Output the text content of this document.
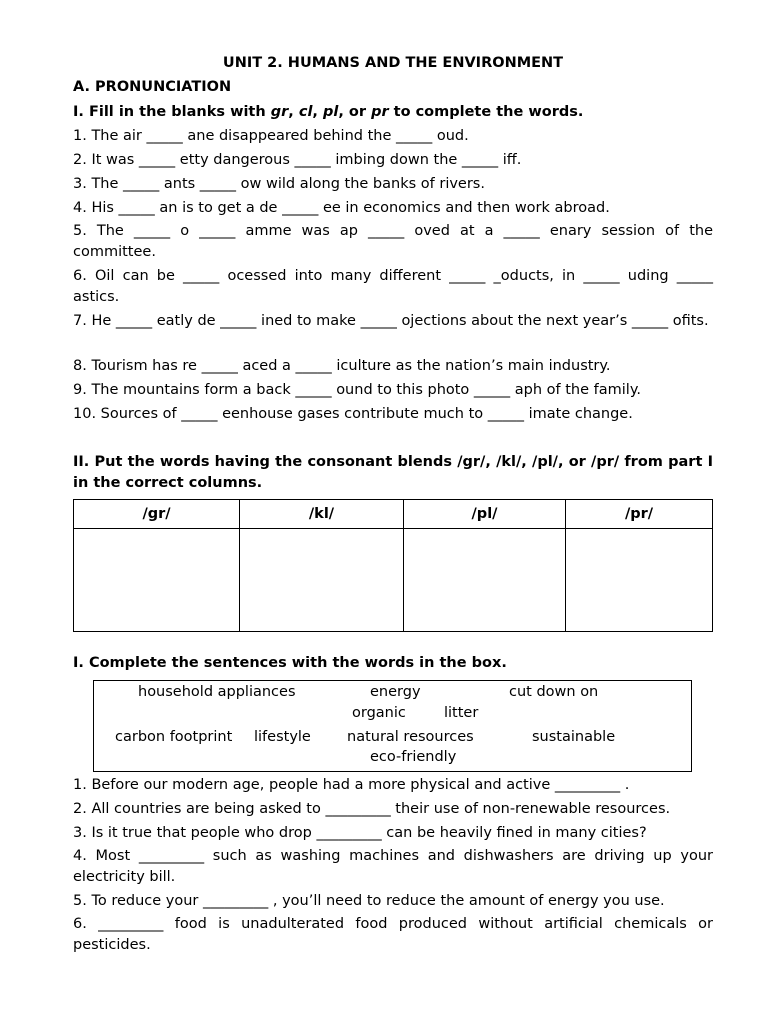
UNIT 2. HUMANS AND THE ENVIRONMENT
A. PRONUNCIATION
I. Fill in the blanks with gr, cl, pl, or pr to complete the words.
1. The air _____ ane disappeared behind the _____ oud.
2. It was _____ etty dangerous _____ imbing down the _____ iff.
3. The _____ ants _____ ow wild along the banks of rivers.
4. His _____ an is to get a de _____ ee in economics and then work abroad.
5. The _____ o _____ amme was ap _____ oved at a _____ enary session of the committee.
6. Oil can be _____ ocessed into many different _____ _oducts, in _____ uding _____ astics.
7. He _____ eatly de _____ ined to make _____ ojections about the next year’s _____ ofits.
8. Tourism has re _____ aced a _____ iculture as the nation’s main industry.
9. The mountains form a back _____ ound to this photo _____ aph of the family.
10. Sources of _____ eenhouse gases contribute much to _____ imate change.
II. Put the words having the consonant blends /gr/, /kl/, /pl/, or /pr/ from part I in the correct columns.
/gr/	/kl/	/pl/	/pr/

I. Complete the sentences with the words in the box.
household appliances	energy	cut down on
organic	litter
carbon footprint lifestyle natural resources	sustainable
eco-friendly
1. Before our modern age, people had a more physical and active _________ .
2. All countries are being asked to _________ their use of non-renewable resources.
3. Is it true that people who drop _________ can be heavily fined in many cities?
4. Most _________ such as washing machines and dishwashers are driving up your electricity bill.
5. To reduce your _________ , you’ll need to reduce the amount of energy you use.
6. _________ food is unadulterated food produced without artificial chemicals or pesticides.
